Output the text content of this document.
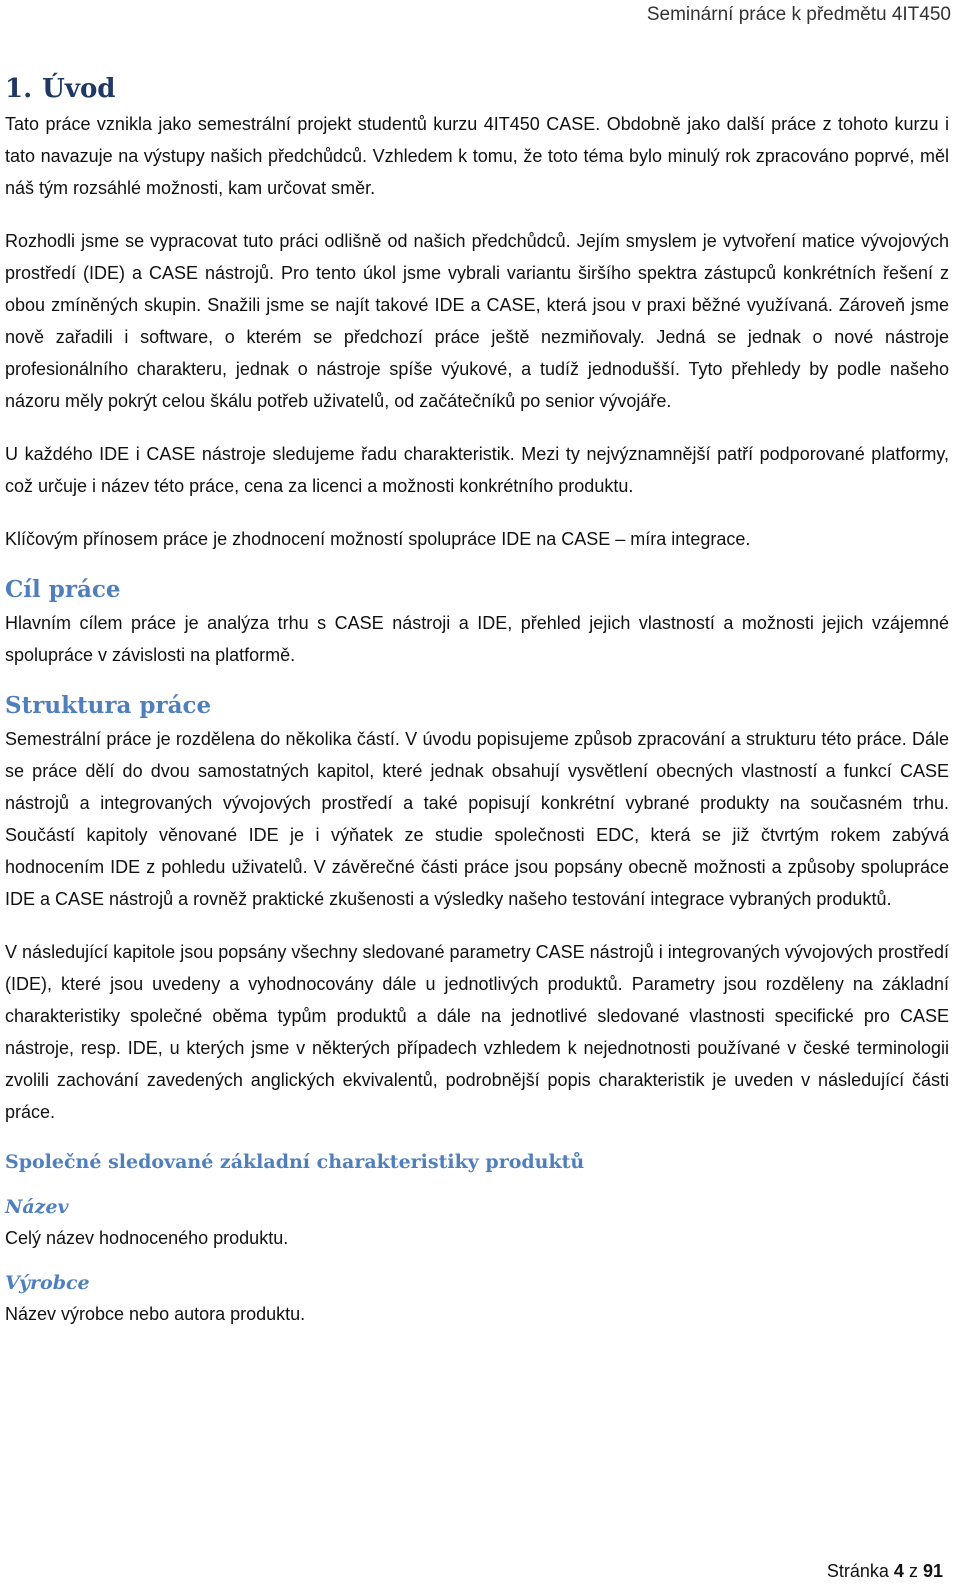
Seminární práce k předmětu 4IT450
1. Úvod

Tato práce vznikla jako semestrální projekt studentů kurzu 4IT450 CASE. Obdobně jako další práce z tohoto kurzu i tato navazuje na výstupy našich předchůdců. Vzhledem k tomu, že toto téma bylo minulý rok zpracováno poprvé, měl náš tým rozsáhlé možnosti, kam určovat směr.

Rozhodli jsme se vypracovat tuto práci odlišně od našich předchůdců. Jejím smyslem je vytvoření matice vývojových prostředí (IDE) a CASE nástrojů. Pro tento úkol jsme vybrali variantu širšího spektra zástupců konkrétních řešení z obou zmíněných skupin. Snažili jsme se najít takové IDE a CASE, která jsou v praxi běžné využívaná. Zároveň jsme nově zařadili i software, o kterém se předchozí práce ještě nezmiňovaly. Jedná se jednak o nové nástroje profesionálního charakteru, jednak o nástroje spíše výukové, a tudíž jednodušší. Tyto přehledy by podle našeho názoru měly pokrýt celou škálu potřeb uživatelů, od začátečníků po senior vývojáře.

U každého IDE i CASE nástroje sledujeme řadu charakteristik. Mezi ty nejvýznamnější patří podporované platformy, což určuje i název této práce, cena za licenci a možnosti konkrétního produktu.

Klíčovým přínosem práce je zhodnocení možností spolupráce IDE na CASE – míra integrace.

Cíl práce

Hlavním cílem práce je analýza trhu s CASE nástroji a IDE, přehled jejich vlastností a možnosti jejich vzájemné spolupráce v závislosti na platformě.

Struktura práce

Semestrální práce je rozdělena do několika částí. V úvodu popisujeme způsob zpracování a strukturu této práce. Dále se práce dělí do dvou samostatných kapitol, které jednak obsahují vysvětlení obecných vlastností a funkcí CASE nástrojů a integrovaných vývojových prostředí a také popisují konkrétní vybrané produkty na současném trhu. Součástí kapitoly věnované IDE je i výňatek ze studie společnosti EDC, která se již čtvrtým rokem zabývá hodnocením IDE z pohledu uživatelů. V závěrečné části práce jsou popsány obecně možnosti a způsoby spolupráce IDE a CASE nástrojů a rovněž praktické zkušenosti a výsledky našeho testování integrace vybraných produktů.

V následující kapitole jsou popsány všechny sledované parametry CASE nástrojů i integrovaných vývojových prostředí (IDE), které jsou uvedeny a vyhodnocovány dále u jednotlivých produktů. Parametry jsou rozděleny na základní charakteristiky společné oběma typům produktů a dále na jednotlivé sledované vlastnosti specifické pro CASE nástroje, resp. IDE, u kterých jsme v některých případech vzhledem k nejednotnosti používané v české terminologii zvolili zachování zavedených anglických ekvivalentů, podrobnější popis charakteristik je uveden v následující části práce.

Společné sledované základní charakteristiky produktů
Název

Celý název hodnoceného produktu.

Výrobce

Název výrobce nebo autora produktu.

Stránka 4 z 91
